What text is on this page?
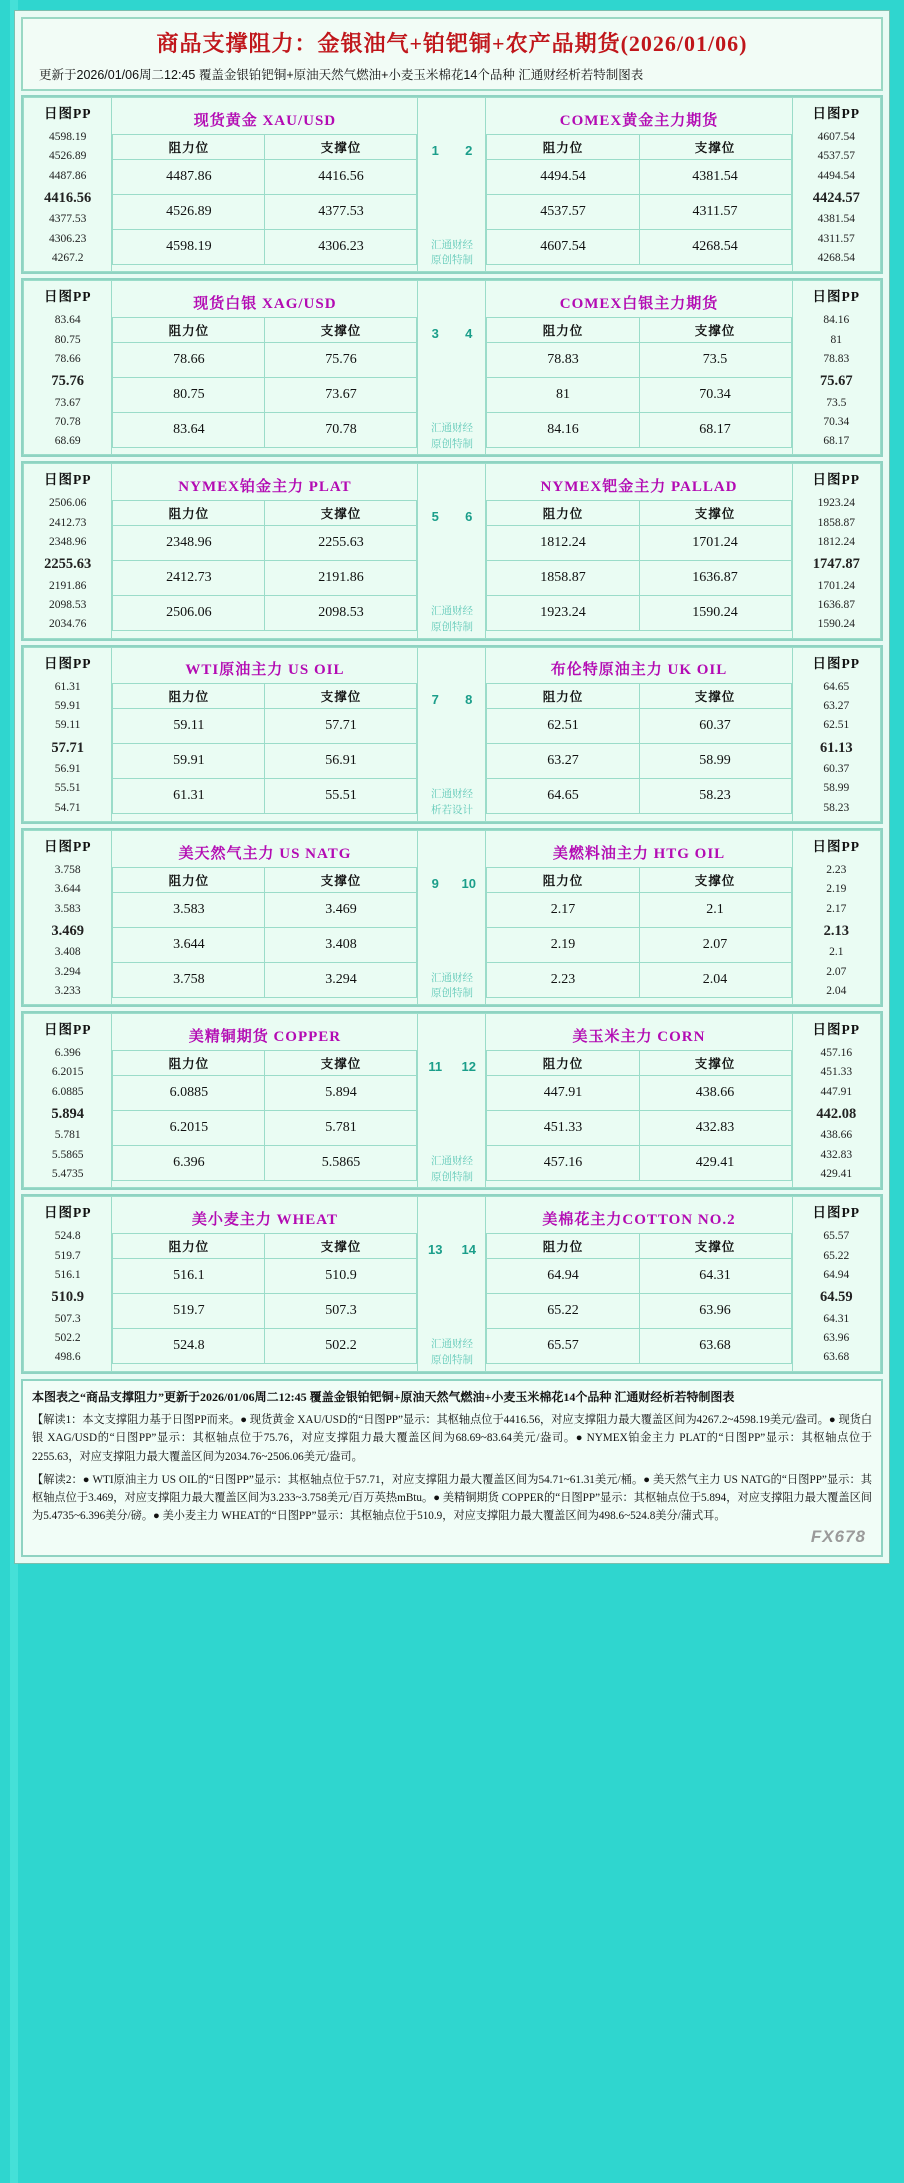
商品支撑阻力：金银油气+铂钯铜+农产品期货(2026/01/06)
更新于2026/01/06周二12:45 覆盖金银铂钯铜+原油天然气燃油+小麦玉米棉花14个品种 汇通财经析若特制图表
日图PP
4598.19
4526.89
4487.86
4416.56
4377.53
4306.23
4267.2

现货黄金 XAU/USD
阻力位	支撑位
4487.86	4416.56
4526.89	4377.53
4598.19	4306.23

1	2
汇通财经
原创特制

COMEX黄金主力期货
阻力位	支撑位
4494.54	4381.54
4537.57	4311.57
4607.54	4268.54

日图PP
4607.54
4537.57
4494.54
4424.57
4381.54
4311.57
4268.54
日图PP
83.64
80.75
78.66
75.76
73.67
70.78
68.69

现货白银 XAG/USD
阻力位	支撑位
78.66	75.76
80.75	73.67
83.64	70.78

3	4
汇通财经
原创特制

COMEX白银主力期货
阻力位	支撑位
78.83	73.5
81	70.34
84.16	68.17

日图PP
84.16
81
78.83
75.67
73.5
70.34
68.17
日图PP
2506.06
2412.73
2348.96
2255.63
2191.86
2098.53
2034.76

NYMEX铂金主力 PLAT
阻力位	支撑位
2348.96	2255.63
2412.73	2191.86
2506.06	2098.53

5	6
汇通财经
原创特制

NYMEX钯金主力 PALLAD
阻力位	支撑位
1812.24	1701.24
1858.87	1636.87
1923.24	1590.24

日图PP
1923.24
1858.87
1812.24
1747.87
1701.24
1636.87
1590.24
日图PP
61.31
59.91
59.11
57.71
56.91
55.51
54.71

WTI原油主力 US OIL
阻力位	支撑位
59.11	57.71
59.91	56.91
61.31	55.51

7	8
汇通财经
析若设计

布伦特原油主力 UK OIL
阻力位	支撑位
62.51	60.37
63.27	58.99
64.65	58.23

日图PP
64.65
63.27
62.51
61.13
60.37
58.99
58.23
日图PP
3.758
3.644
3.583
3.469
3.408
3.294
3.233

美天然气主力 US NATG
阻力位	支撑位
3.583	3.469
3.644	3.408
3.758	3.294

9	10
汇通财经
原创特制

美燃料油主力 HTG OIL
阻力位	支撑位
2.17	2.1
2.19	2.07
2.23	2.04

日图PP
2.23
2.19
2.17
2.13
2.1
2.07
2.04
日图PP
6.396
6.2015
6.0885
5.894
5.781
5.5865
5.4735

美精铜期货 COPPER
阻力位	支撑位
6.0885	5.894
6.2015	5.781
6.396	5.5865

11	12
汇通财经
原创特制

美玉米主力 CORN
阻力位	支撑位
447.91	438.66
451.33	432.83
457.16	429.41

日图PP
457.16
451.33
447.91
442.08
438.66
432.83
429.41
日图PP
524.8
519.7
516.1
510.9
507.3
502.2
498.6

美小麦主力 WHEAT
阻力位	支撑位
516.1	510.9
519.7	507.3
524.8	502.2

13	14
汇通财经
原创特制

美棉花主力COTTON NO.2
阻力位	支撑位
64.94	64.31
65.22	63.96
65.57	63.68

日图PP
65.57
65.22
64.94
64.59
64.31
63.96
63.68
本图表之“商品支撑阻力”更新于2026/01/06周二12:45 覆盖金银铂钯铜+原油天然气燃油+小麦玉米棉花14个品种 汇通财经析若特制图表
【解读1：本文支撑阻力基于日图PP而来。● 现货黄金 XAU/USD的“日图PP”显示：其枢轴点位于4416.56，对应支撑阻力最大覆盖区间为4267.2~4598.19美元/盎司。● 现货白银 XAG/USD的“日图PP”显示：其枢轴点位于75.76，对应支撑阻力最大覆盖区间为68.69~83.64美元/盎司。● NYMEX铂金主力 PLAT的“日图PP”显示：其枢轴点位于2255.63，对应支撑阻力最大覆盖区间为2034.76~2506.06美元/盎司。
【解读2：● WTI原油主力 US OIL的“日图PP”显示：其枢轴点位于57.71，对应支撑阻力最大覆盖区间为54.71~61.31美元/桶。● 美天然气主力 US NATG的“日图PP”显示：其枢轴点位于3.469，对应支撑阻力最大覆盖区间为3.233~3.758美元/百万英热mBtu。● 美精铜期货 COPPER的“日图PP”显示：其枢轴点位于5.894，对应支撑阻力最大覆盖区间为5.4735~6.396美分/磅。● 美小麦主力 WHEAT的“日图PP”显示：其枢轴点位于510.9，对应支撑阻力最大覆盖区间为498.6~524.8美分/蒲式耳。
FX678
